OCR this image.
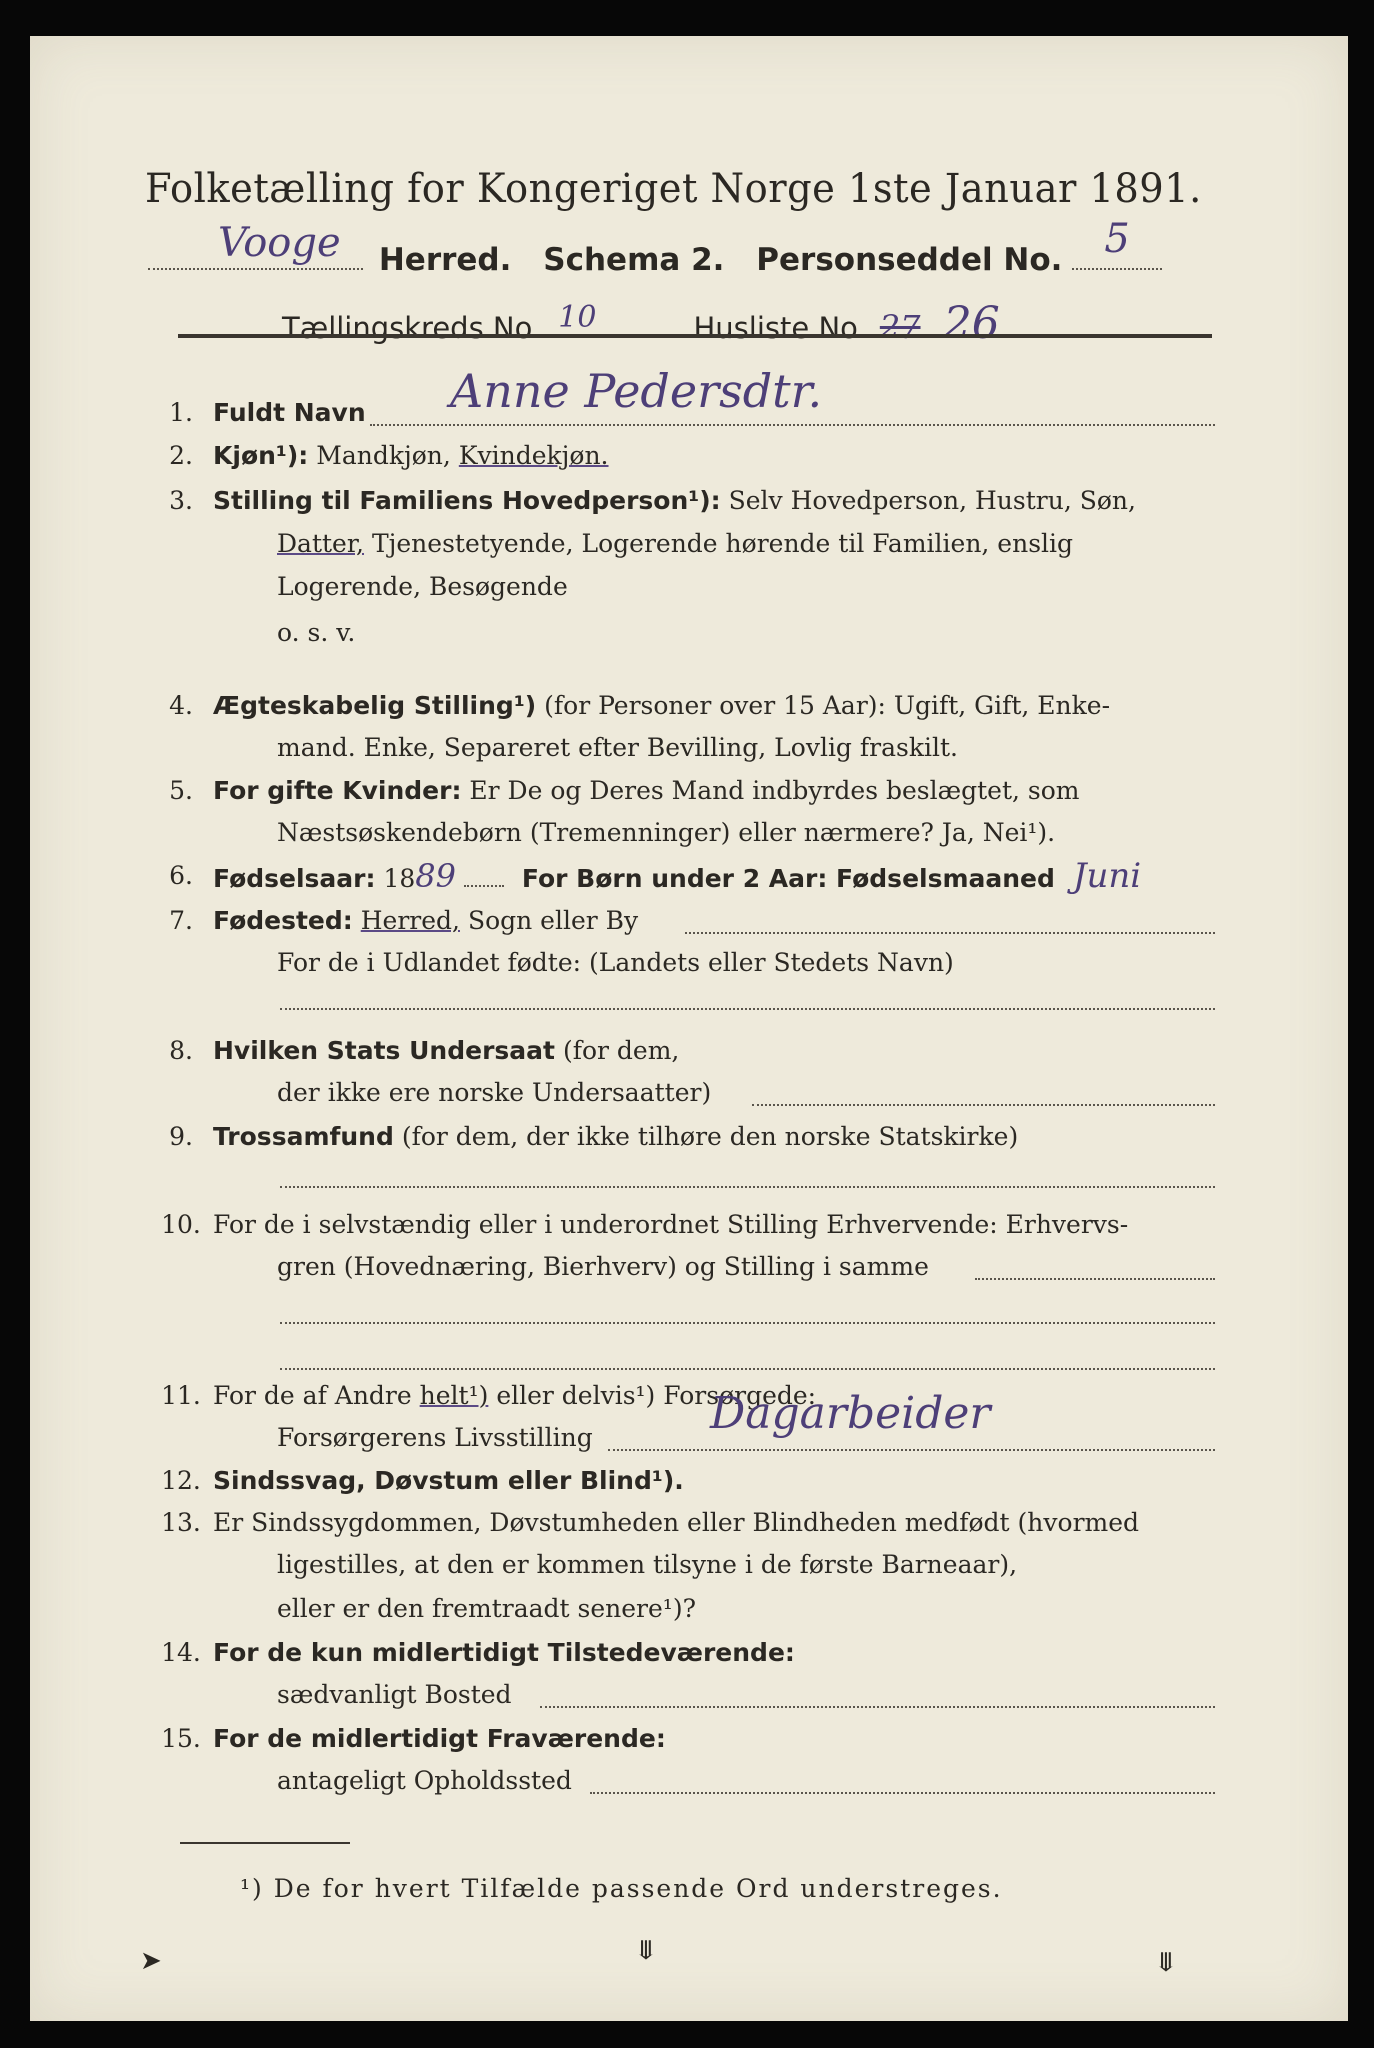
Folketælling for Kongeriget Norge 1ste Januar 1891.
Vooge Herred. Schema 2. Personseddel No. 5
Tællingskreds No. 10	Husliste No. 27 26
1. Fuldt Navn Anne Pedersdtr.
2. Kjøn¹): Mandkjøn, Kvindekjøn.
3. Stilling til Familiens Hovedperson¹): Selv Hovedperson, Hustru, Søn,
Datter, Tjenestetyende, Logerende hørende til Familien, enslig
Logerende, Besøgende
o. s. v.
4. Ægteskabelig Stilling¹) (for Personer over 15 Aar): Ugift, Gift, Enke-
mand. Enke, Separeret efter Bevilling, Lovlig fraskilt.
5. For gifte Kvinder: Er De og Deres Mand indbyrdes beslægtet, som
Næstsøskendebørn (Tremenninger) eller nærmere? Ja, Nei¹).
6. Fødselsaar: 1889	For Børn under 2 Aar: Fødselsmaaned Juni
7. Fødested: Herred, Sogn eller By
For de i Udlandet fødte: (Landets eller Stedets Navn)
8. Hvilken Stats Undersaat (for dem,
der ikke ere norske Undersaatter)
9. Trossamfund (for dem, der ikke tilhøre den norske Statskirke)
10. For de i selvstændig eller i underordnet Stilling Erhvervende: Erhvervs-
gren (Hovednæring, Bierhverv) og Stilling i samme
11. For de af Andre helt¹) eller delvis¹) Forsørgede:
Forsørgerens Livsstilling	Dagarbeider
12. Sindssvag, Døvstum eller Blind¹).
13. Er Sindssygdommen, Døvstumheden eller Blindheden medfødt (hvormed
ligestilles, at den er kommen tilsyne i de første Barneaar),
eller er den fremtraadt senere¹)?
14. For de kun midlertidigt Tilstedeværende:
sædvanligt Bosted
15. For de midlertidigt Fraværende:
antageligt Opholdssted
¹) De for hvert Tilfælde passende Ord understreges.
➤	⤋	⤋
